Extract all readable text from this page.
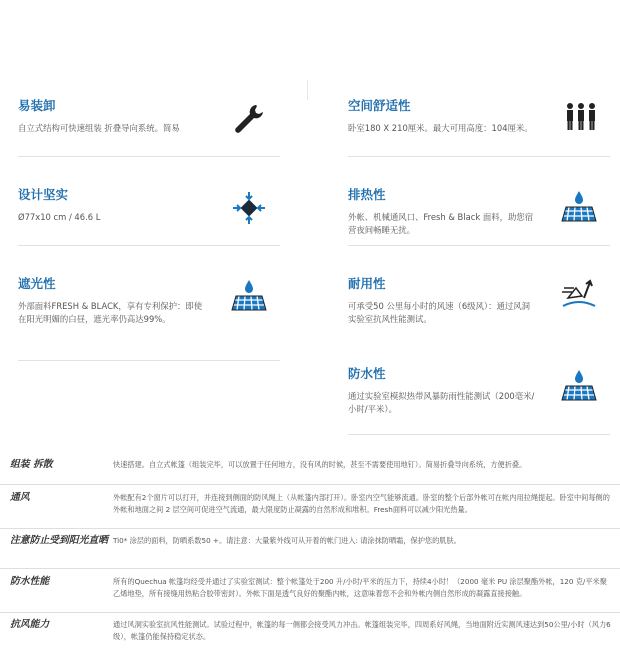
易装卸
自立式结构可快速组装 折叠导向系统。简易
设计坚实
Ø77x10 cm / 46.6 L
遮光性
外部面料FRESH & BLACK，享有专利保护：即使在阳光明媚的白昼，遮光率仍高达99%。
空间舒适性
卧室180 X 210厘米。最大可用高度：104厘米。
排热性
外帐、机械通风口、Fresh & Black 面料，助您宿营夜间畅睡无扰。
耐用性
可承受50 公里每小时的风速（6级风）：通过风洞实验室抗风性能测试。
防水性
通过实验室模拟热带风暴防雨性能测试（200毫米/小时/平米）。
组装 拆散	快速搭建。自立式帐篷（组装完毕，可以放置于任何地方，没有风的时候，甚至不需要使用地钉）。简易折叠导向系统，方便折叠。
通风	外帐配有2个窗片可以打开，并连接到侧面的防风绳上（从帐篷内部打开）。卧室内空气能够流通。卧室的整个后部外帐可在帐内用拉绳提起。卧室中间每侧的外帐和地面之间 2 层空间可促进空气流通，最大限度防止凝露的自然形成和堆积。Fresh面料可以减少阳光热量。
注意防止受到阳光直晒 Ti0* 涂层的面料，防晒系数50 +。请注意：大量紫外线可从开着的帐门进入: 请涂抹防晒霜，保护您的肌肤。
防水性能	所有的Quechua 帐篷均经受并通过了实验室测试：整个帐篷处于200 升/小时/平米的压力下，持续4小时！（2000 毫米 PU 涂层聚酯外帐，120 克/平米聚乙烯地垫，所有接缝用热粘合胶带密封）。外帐下面是透气良好的聚酯内帐，这意味着您不会和外帐内侧自然形成的凝露直接接触。
抗风能力	通过风洞实验室抗风性能测试。试验过程中，帐篷的每一侧都会接受风力冲击。帐篷组装完毕，四周系好风绳，当地面附近实测风速达到50公里/小时（风力6级），帐篷仍能保持稳定状态。
